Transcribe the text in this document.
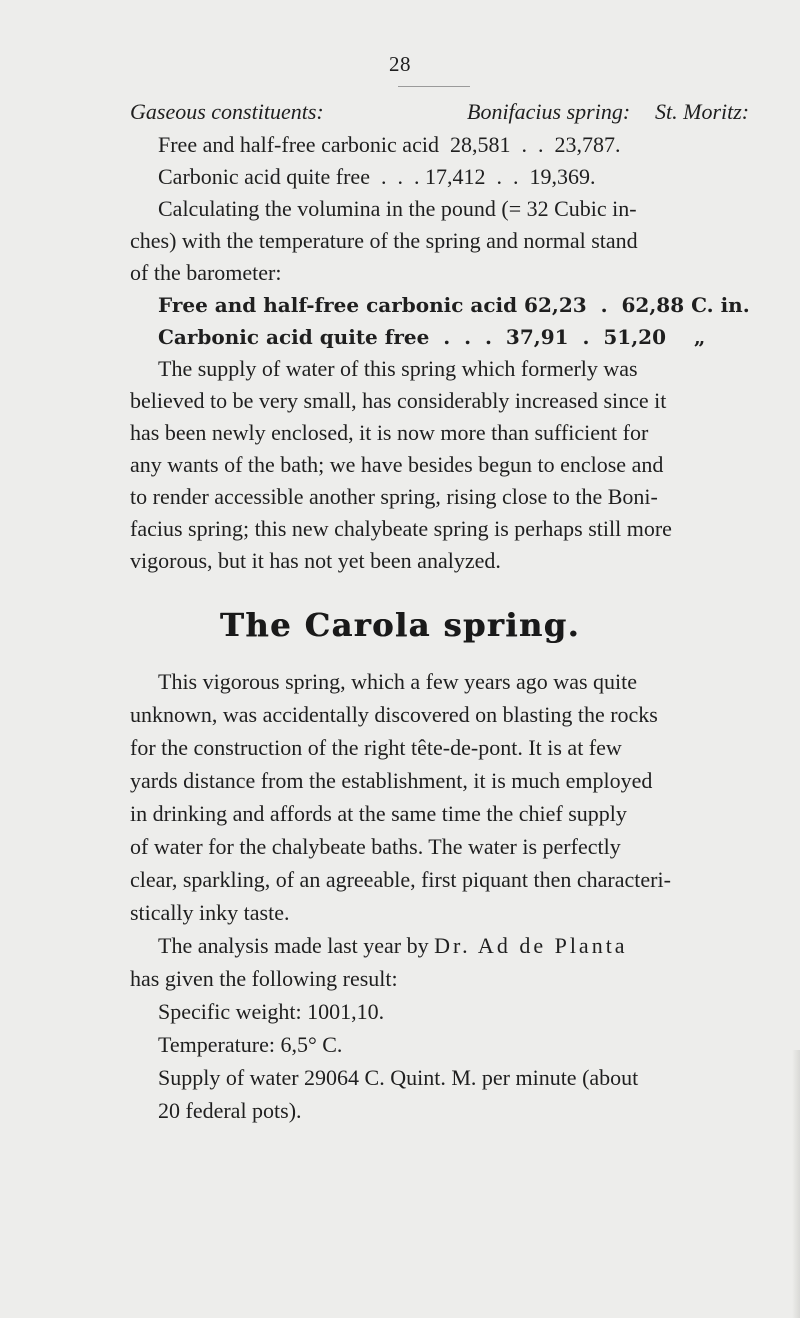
28
Gaseous constituents:	Bonifacius spring: St. Moritz:
Free and half-free carbonic acid  28,581  .  .  23,787.
Carbonic acid quite free  .  .  . 17,412  .  .  19,369.
Calculating the volumina in the pound (= 32 Cubic in-
ches) with the temperature of the spring and normal stand
of the barometer:
Free and half-free carbonic acid 62,23  .  62,88 C. in.
Carbonic acid quite free  .  .  .  37,91  .  51,20    „
The supply of water of this spring which formerly was
believed to be very small, has considerably increased since it
has been newly enclosed, it is now more than sufficient for
any wants of the bath; we have besides begun to enclose and
to render accessible another spring, rising close to the Boni-
facius spring; this new chalybeate spring is perhaps still more
vigorous, but it has not yet been analyzed.
The Carola spring.
This vigorous spring, which a few years ago was quite
unknown, was accidentally discovered on blasting the rocks
for the construction of the right tête-de-pont. It is at few
yards distance from the establishment, it is much employed
in drinking and affords at the same time the chief supply
of water for the chalybeate baths. The water is perfectly
clear, sparkling, of an agreeable, first piquant then characteri-
stically inky taste.
The analysis made last year by Dr. Ad de Planta
has given the following result:
Specific weight: 1001,10.
Temperature: 6,5° C.
Supply of water 29064 C. Quint. M. per minute (about
20 federal pots).
